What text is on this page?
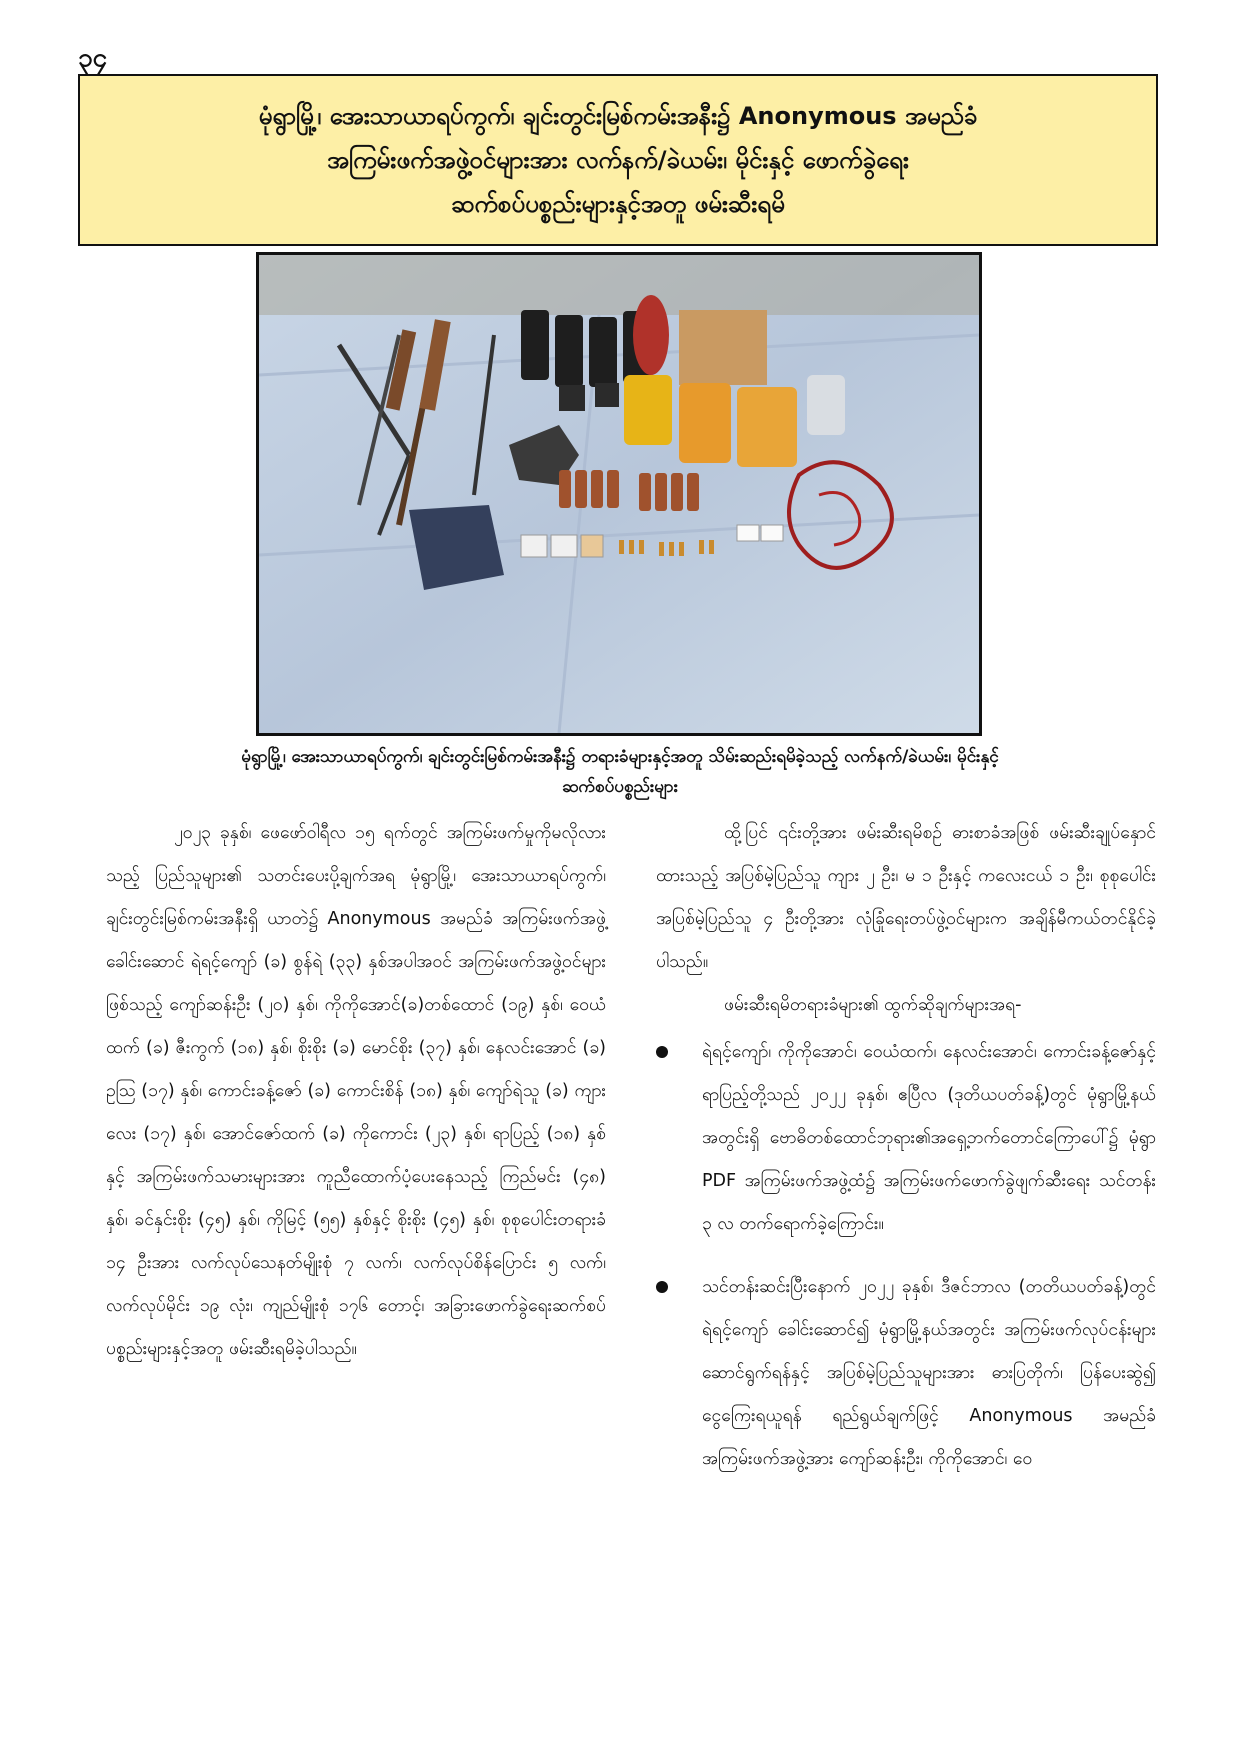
၃၄
မုံရွာမြို့၊ အေးသာယာရပ်ကွက်၊ ချင်းတွင်းမြစ်ကမ်းအနီး၌ Anonymous အမည်ခံ
အကြမ်းဖက်အဖွဲ့ဝင်များအား လက်နက်/ခဲယမ်း၊ မိုင်းနှင့် ဖောက်ခွဲရေး
ဆက်စပ်ပစ္စည်းများနှင့်အတူ ဖမ်းဆီးရမိ
မုံရွာမြို့၊ အေးသာယာရပ်ကွက်၊ ချင်းတွင်းမြစ်ကမ်းအနီး၌ တရားခံများနှင့်အတူ သိမ်းဆည်းရမိခဲ့သည့် လက်နက်/ခဲယမ်း၊ မိုင်းနှင့်
ဆက်စပ်ပစ္စည်းများ

၂၀၂၃ ခုနှစ်၊ ဖေဖော်ဝါရီလ ၁၅ ရက်တွင် အကြမ်းဖက်မှုကိုမလိုလားသည့် ပြည်သူများ၏ သတင်းပေးပို့ချက်အရ မုံရွာမြို့၊ အေးသာယာရပ်ကွက်၊ ချင်းတွင်းမြစ်ကမ်းအနီးရှိ ယာတဲ၌ Anonymous အမည်ခံ အကြမ်းဖက်အဖွဲ့ခေါင်းဆောင် ရဲရင့်ကျော် (ခ) စွန်ရဲ (၃၃) နှစ်အပါအဝင် အကြမ်းဖက်အဖွဲ့ဝင်များဖြစ်သည့် ကျော်ဆန်းဦး (၂၀) နှစ်၊ ကိုကိုအောင်(ခ)တစ်ထောင် (၁၉) နှစ်၊ ဝေယံထက် (ခ) ဇီးကွက် (၁၈) နှစ်၊ စိုးစိုး (ခ) မောင်စိုး (၃၇) နှစ်၊ နေလင်းအောင် (ခ) ဥသြ (၁၇) နှစ်၊ ကောင်းခန့်ဇော် (ခ) ကောင်းစိန် (၁၈) နှစ်၊ ကျော်ရဲသူ (ခ) ကျားလေး (၁၇) နှစ်၊ အောင်ဇော်ထက် (ခ) ကိုကောင်း (၂၃) နှစ်၊ ရာပြည့် (၁၈) နှစ်နှင့် အကြမ်းဖက်သမားများအား ကူညီထောက်ပံ့ပေးနေသည့် ကြည်မင်း (၄၈) နှစ်၊ ခင်နှင်းစိုး (၄၅) နှစ်၊ ကိုမြင့် (၅၅) နှစ်နှင့် စိုးစိုး (၄၅) နှစ်၊ စုစုပေါင်းတရားခံ ၁၄ ဦးအား လက်လုပ်သေနတ်မျိုးစုံ ၇ လက်၊ လက်လုပ်စိန်ပြောင်း ၅ လက်၊ လက်လုပ်မိုင်း ၁၉ လုံး၊ ကျည်မျိုးစုံ ၁၇၆ တောင့်၊ အခြားဖောက်ခွဲရေးဆက်စပ်ပစ္စည်းများနှင့်အတူ ဖမ်းဆီးရမိခဲ့ပါသည်။

ထို့ပြင် ၎င်းတို့အား ဖမ်းဆီးရမိစဉ် ဓားစာခံအဖြစ် ဖမ်းဆီးချုပ်နှောင်ထားသည့် အပြစ်မဲ့ပြည်သူ ကျား ၂ ဦး၊ မ ၁ ဦးနှင့် ကလေးငယ် ၁ ဦး၊ စုစုပေါင်းအပြစ်မဲ့ပြည်သူ ၄ ဦးတို့အား လုံခြုံရေးတပ်ဖွဲ့ဝင်များက အချိန်မီကယ်တင်နိုင်ခဲ့ပါသည်။

ဖမ်းဆီးရမိတရားခံများ၏ ထွက်ဆိုချက်များအရ-

ရဲရင့်ကျော်၊ ကိုကိုအောင်၊ ဝေယံထက်၊ နေလင်းအောင်၊ ကောင်းခန့်ဇော်နှင့် ရာပြည့်တို့သည် ၂၀၂၂ ခုနှစ်၊ ဧပြီလ (ဒုတိယပတ်ခန့်)တွင် မုံရွာမြို့နယ်အတွင်းရှိ ဗောဓိတစ်ထောင်ဘုရား၏အရှေ့ဘက်တောင်ကြောပေါ်၌ မုံရွာ PDF အကြမ်းဖက်အဖွဲ့ထံ၌ အကြမ်းဖက်ဖောက်ခွဲဖျက်ဆီးရေး သင်တန်း ၃ လ တက်ရောက်ခဲ့ကြောင်း။
သင်တန်းဆင်းပြီးနောက် ၂၀၂၂ ခုနှစ်၊ ဒီဇင်ဘာလ (တတိယပတ်ခန့်)တွင် ရဲရင့်ကျော် ခေါင်းဆောင်၍ မုံရွာမြို့နယ်အတွင်း အကြမ်းဖက်လုပ်ငန်းများ ဆောင်ရွက်ရန်နှင့် အပြစ်မဲ့ပြည်သူများအား ဓားပြတိုက်၊ ပြန်ပေးဆွဲ၍ ငွေကြေးရယူရန် ရည်ရွယ်ချက်ဖြင့် Anonymous အမည်ခံ အကြမ်းဖက်အဖွဲ့အား ကျော်ဆန်းဦး၊ ကိုကိုအောင်၊ ဝေ
